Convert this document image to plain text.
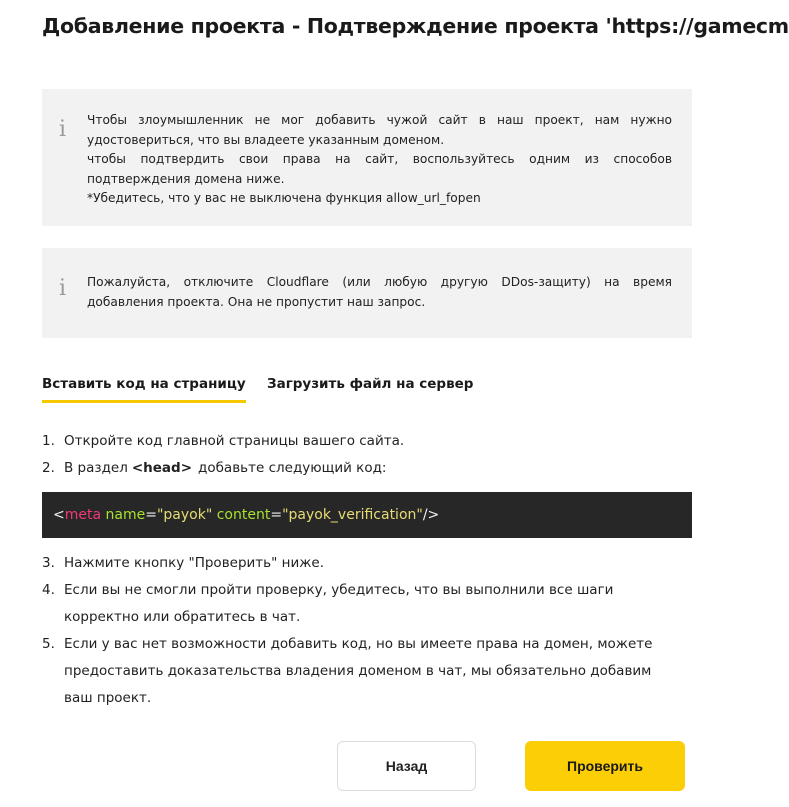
Добавление проекта - Подтверждение проекта 'https://gamecm
i Чтобы злоумышленник не мог добавить чужой сайт в наш проект, нам нужно удостовериться, что вы владеете указанным доменом.

чтобы подтвердить свои права на сайт, воспользуйтесь одним из способов подтверждения домена ниже.

*Убедитесь, что у вас не выключена функция allow_url_fopen

i Пожалуйста, отключите Cloudflare (или любую другую DDos-защиту) на время добавления проекта. Она не пропустит наш запрос.

Вставить код на страницу Загрузить файл на сервер
1. Откройте код главной страницы вашего сайта.
2. В раздел <head> добавьте следующий код:
<meta name="payok" content="payok_verification"/>
3. Нажмите кнопку "Проверить" ниже.
4. Если вы не смогли пройти проверку, убедитесь, что вы выполнили все шаги
корректно или обратитесь в чат.
5. Если у вас нет возможности добавить код, но вы имеете права на домен, можете
предоставить доказательства владения доменом в чат, мы обязательно добавим
ваш проект.
Назад	Проверить
